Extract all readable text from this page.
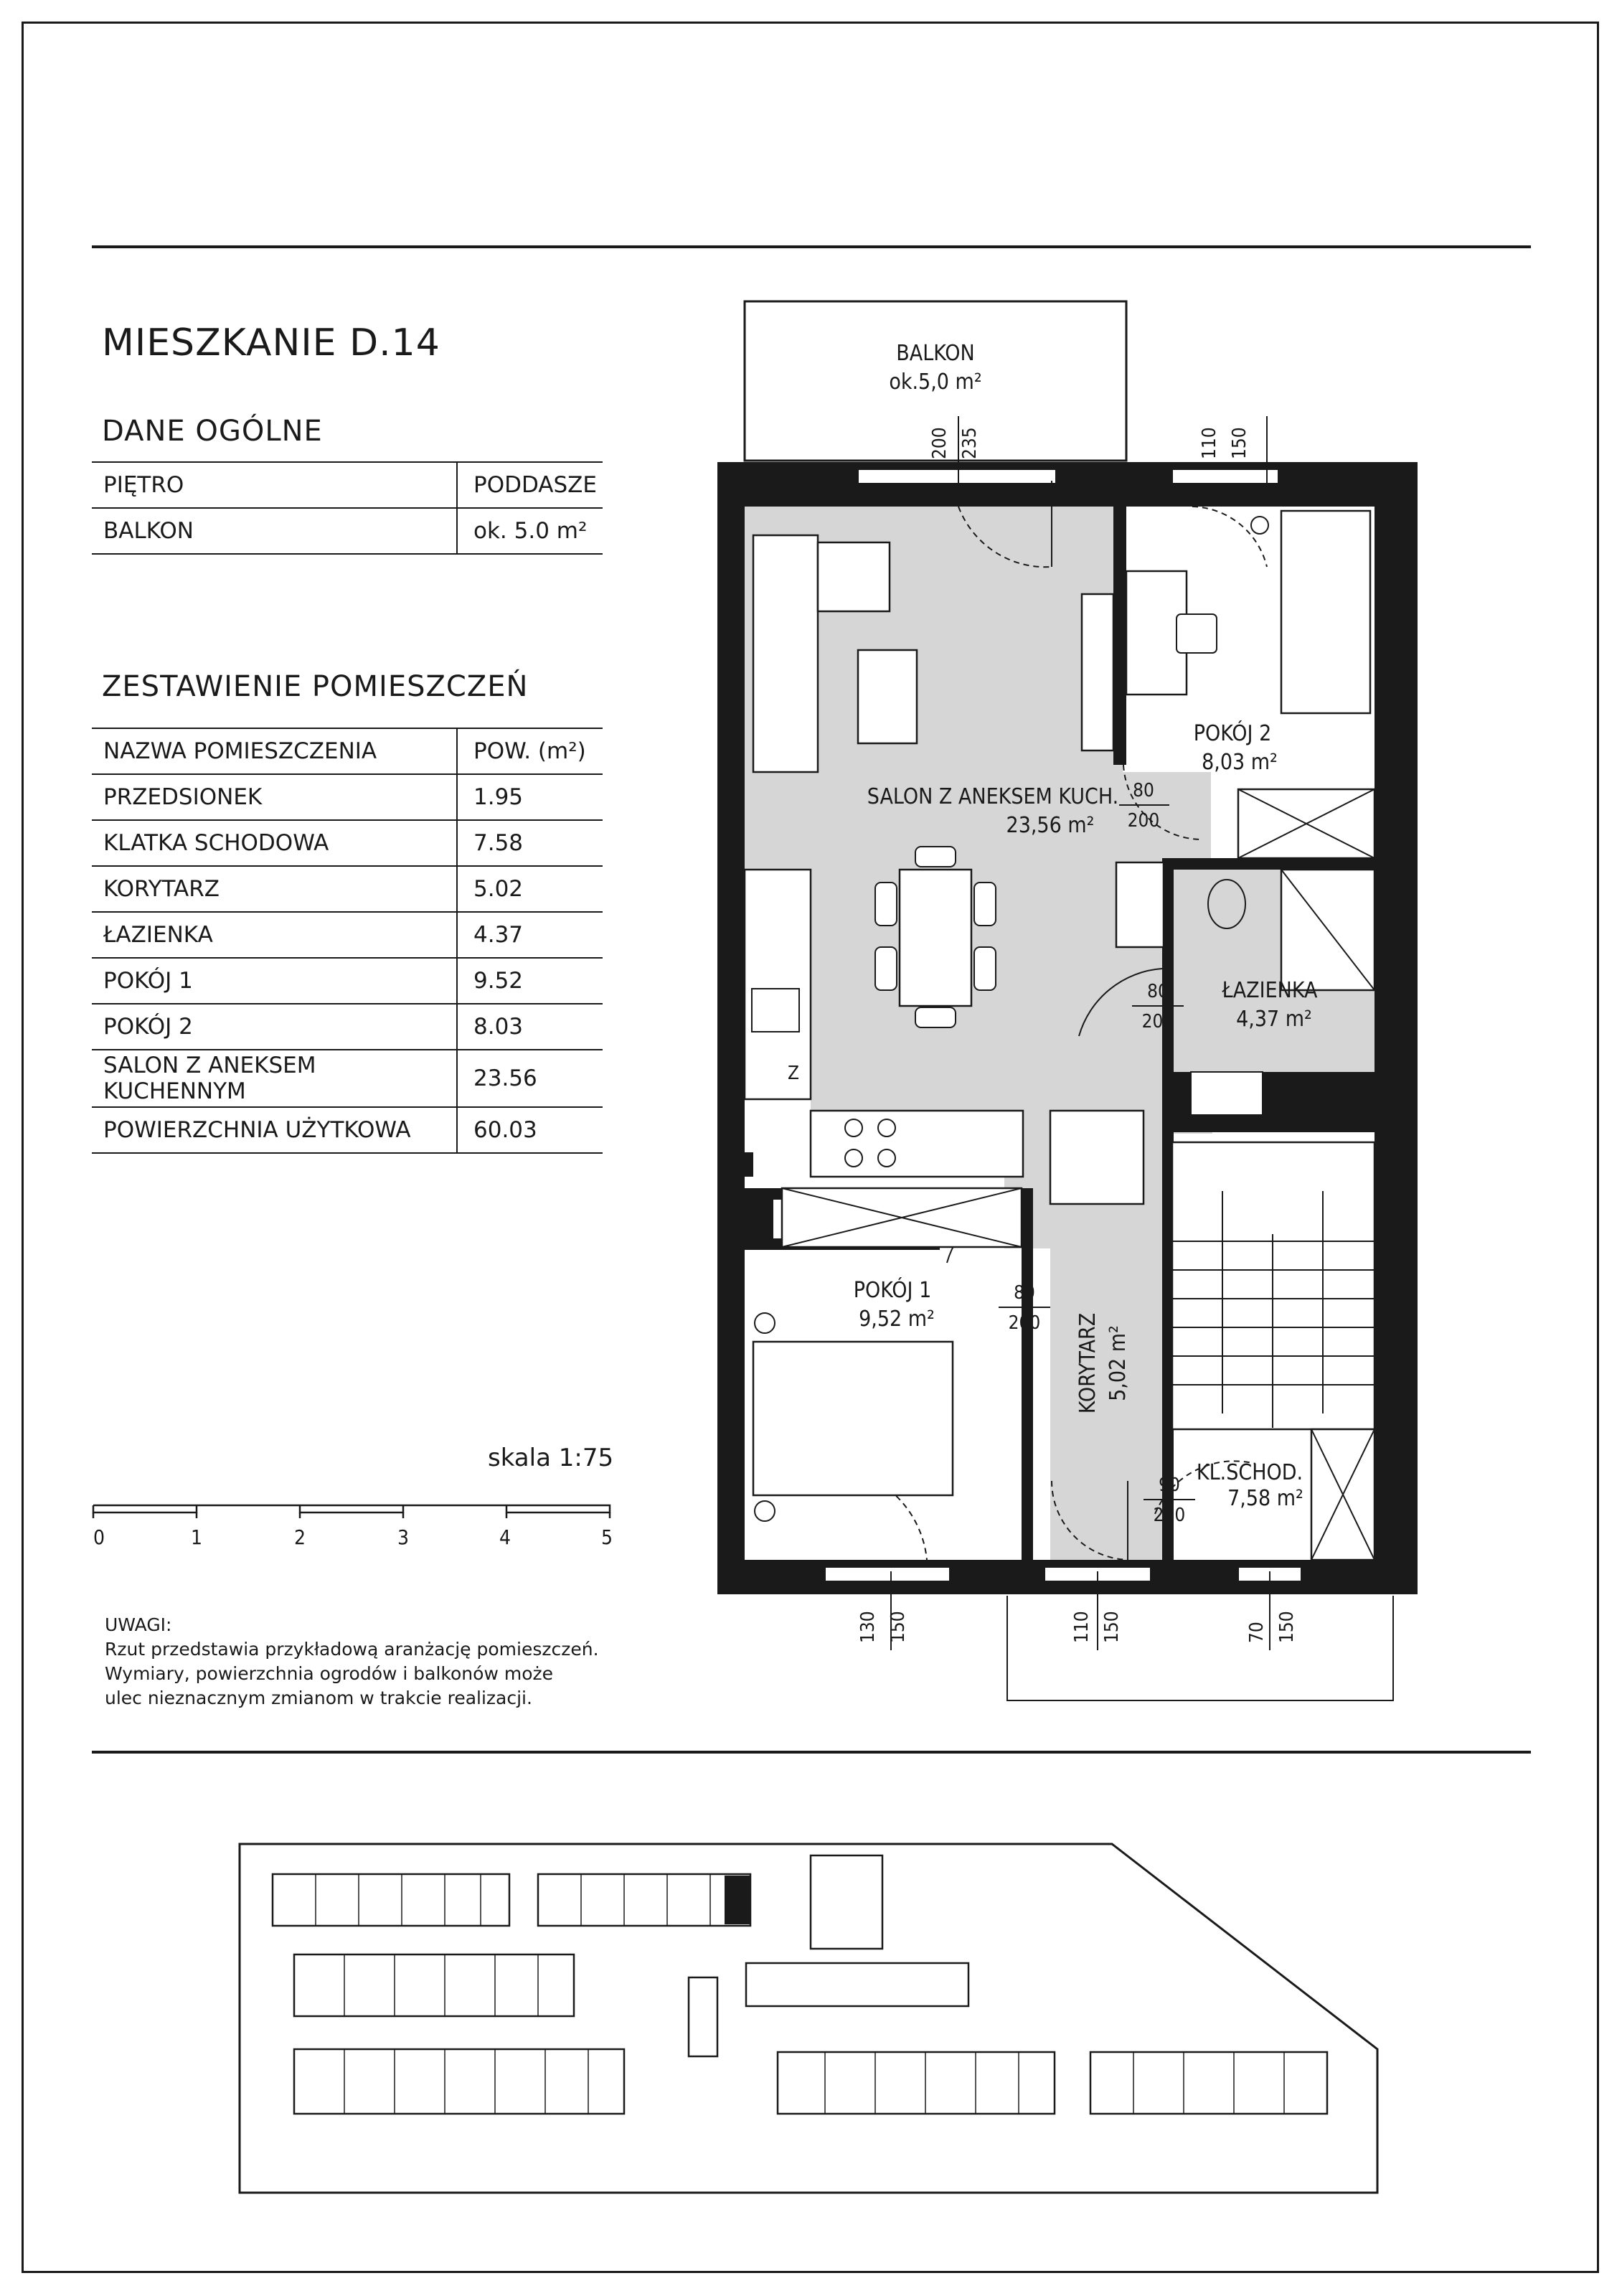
MIESZKANIE D.14
DANE OGÓLNE
PIĘTRO	PODDASZE
BALKON	ok. 5.0 m²
ZESTAWIENIE POMIESZCZEŃ
NAZWA POMIESZCZENIA	POW. (m²)
PRZEDSIONEK	1.95
KLATKA SCHODOWA	7.58
KORYTARZ	5.02
ŁAZIENKA	4.37
POKÓJ 1	9.52
POKÓJ 2	8.03
SALON Z ANEKSEM
KUCHENNYM	23.56
POWIERZCHNIA UŻYTKOWA	60.03
skala 1:75
0	1	2	3	4	5
UWAGI:
Rzut przedstawia przykładową aranżację pomieszczeń.
Wymiary, powierzchnia ogrodów i balkonów może
ulec nieznacznym zmianom w trakcie realizacji.
200 235	110 150
130 150	110 150	70 150
Z
P
BALKON
ok.5,0 m²
SALON Z ANEKSEM KUCH.
23,56 m²
POKÓJ 2
8,03 m²
ŁAZIENKA
4,37 m²
POKÓJ 1
9,52 m²
KL.SCHOD.
7,58 m²
KORYTARZ 5,02 m²
80
200
80
200
80
200
90
200
